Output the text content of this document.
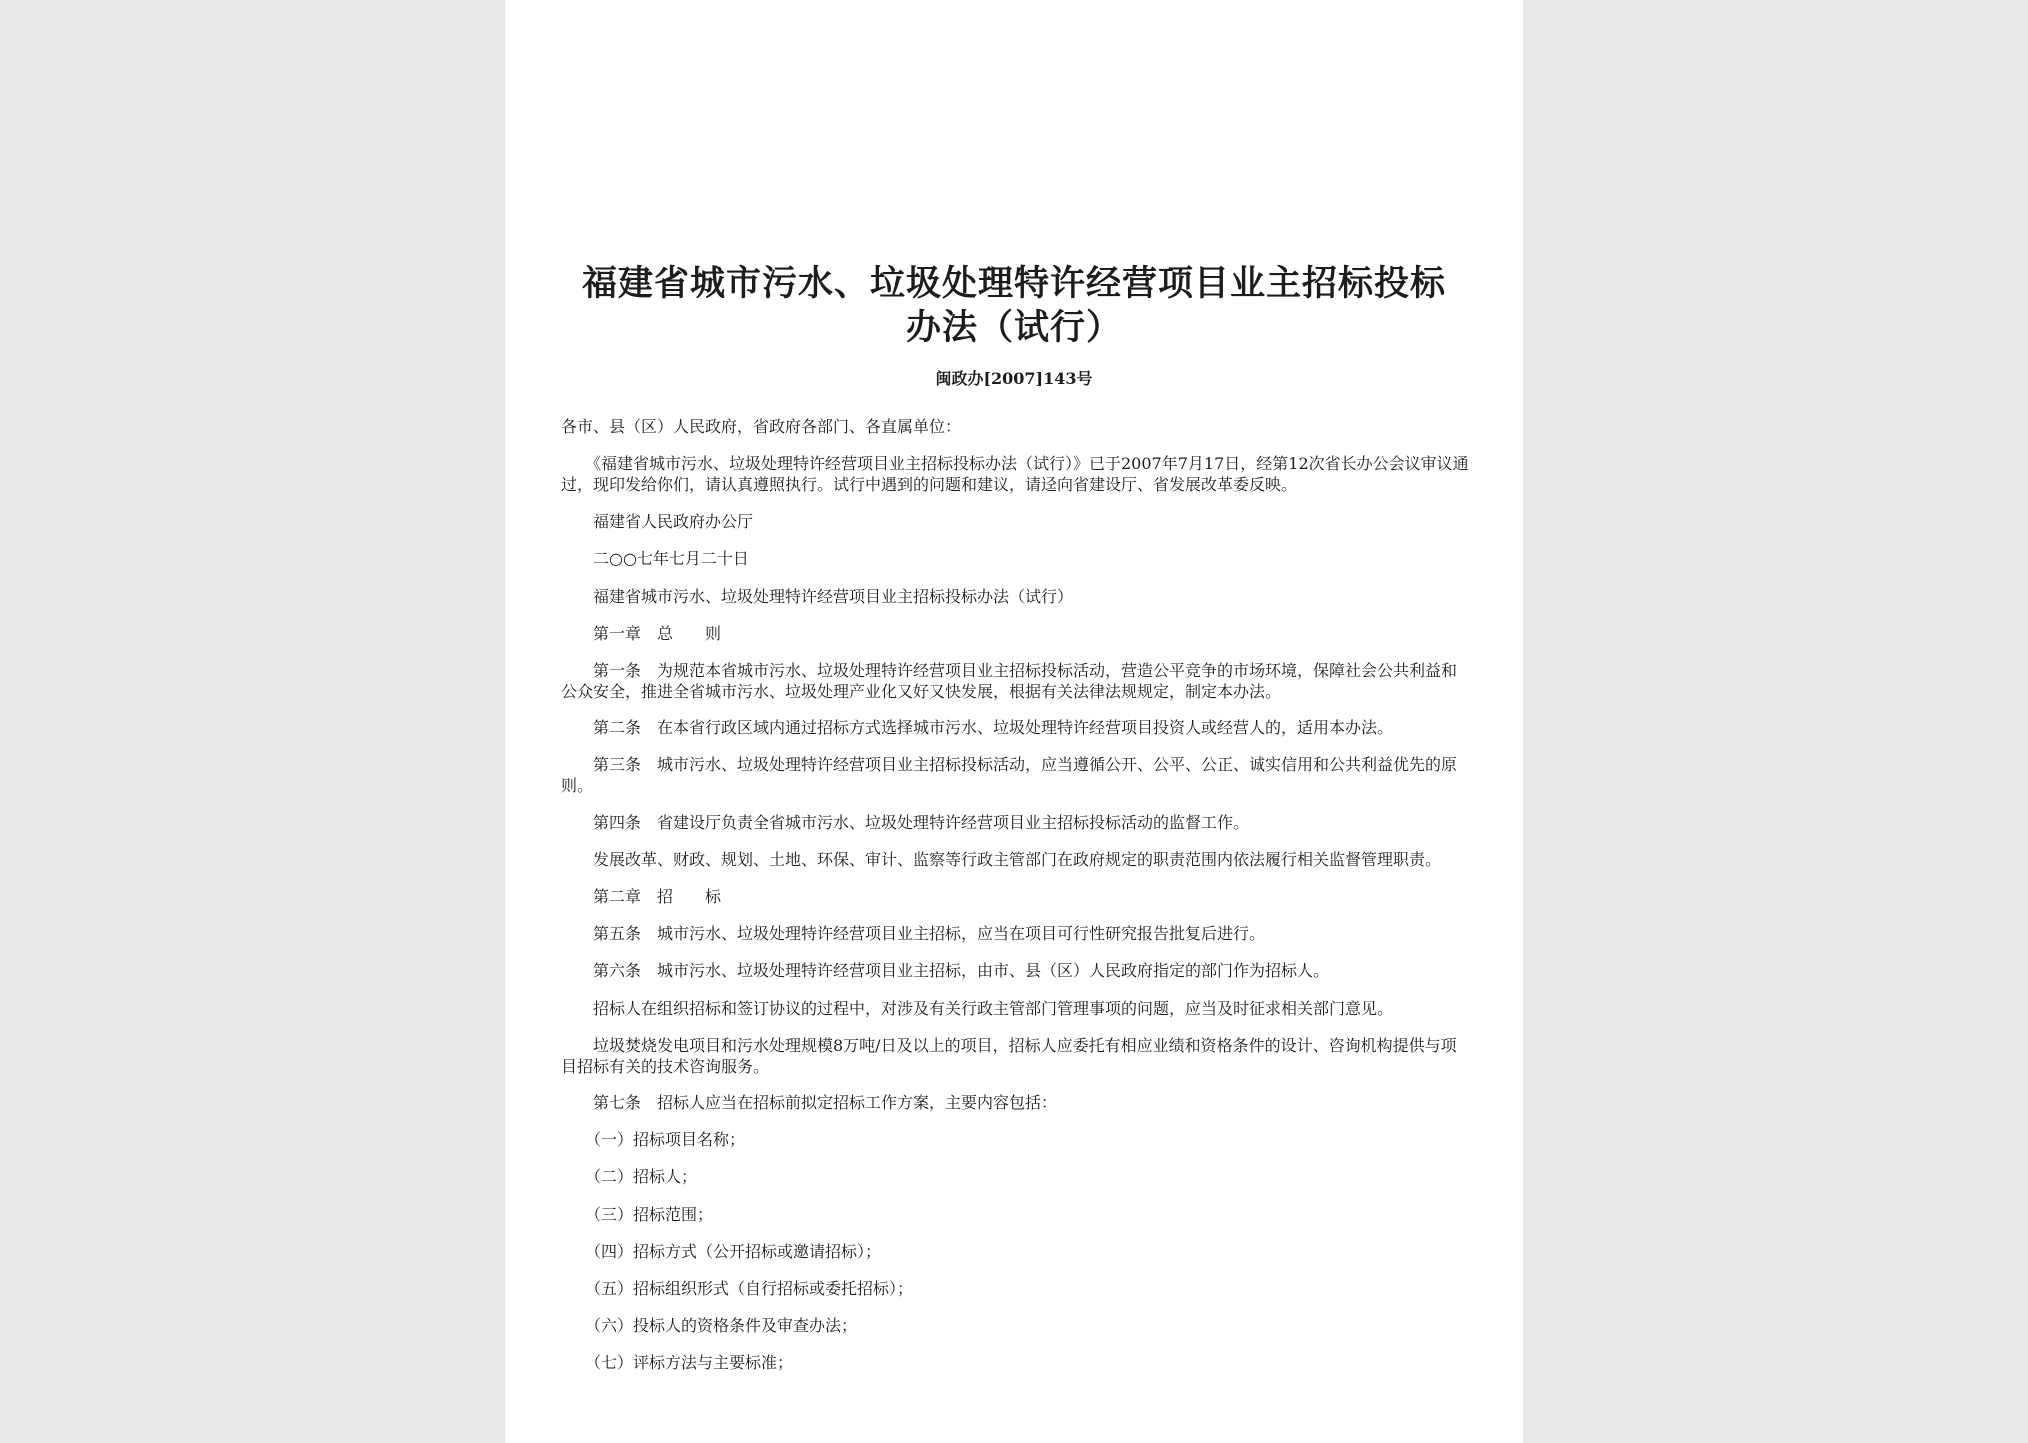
福建省城市污水、垃圾处理特许经营项目业主招标投标
办法（试行）
闽政办[2007]143号
各市、县（区）人民政府，省政府各部门、各直属单位：
　　《福建省城市污水、垃圾处理特许经营项目业主招标投标办法（试行）》已于2007年7月17日，经第12次省长办公会议审议通过，现印发给你们，请认真遵照执行。试行中遇到的问题和建议，请迳向省建设厅、省发展改革委反映。
　　福建省人民政府办公厅
　　二○○七年七月二十日
　　福建省城市污水、垃圾处理特许经营项目业主招标投标办法（试行）
　　第一章　总　　则
　　第一条　为规范本省城市污水、垃圾处理特许经营项目业主招标投标活动，营造公平竞争的市场环境，保障社会公共利益和公众安全，推进全省城市污水、垃圾处理产业化又好又快发展，根据有关法律法规规定，制定本办法。
　　第二条　在本省行政区域内通过招标方式选择城市污水、垃圾处理特许经营项目投资人或经营人的，适用本办法。
　　第三条　城市污水、垃圾处理特许经营项目业主招标投标活动，应当遵循公开、公平、公正、诚实信用和公共利益优先的原则。
　　第四条　省建设厅负责全省城市污水、垃圾处理特许经营项目业主招标投标活动的监督工作。
　　发展改革、财政、规划、土地、环保、审计、监察等行政主管部门在政府规定的职责范围内依法履行相关监督管理职责。
　　第二章　招　　标
　　第五条　城市污水、垃圾处理特许经营项目业主招标，应当在项目可行性研究报告批复后进行。
　　第六条　城市污水、垃圾处理特许经营项目业主招标，由市、县（区）人民政府指定的部门作为招标人。
　　招标人在组织招标和签订协议的过程中，对涉及有关行政主管部门管理事项的问题，应当及时征求相关部门意见。
　　垃圾焚烧发电项目和污水处理规模8万吨/日及以上的项目，招标人应委托有相应业绩和资格条件的设计、咨询机构提供与项目招标有关的技术咨询服务。
　　第七条　招标人应当在招标前拟定招标工作方案，主要内容包括：
　　（一）招标项目名称；
　　（二）招标人；
　　（三）招标范围；
　　（四）招标方式（公开招标或邀请招标）；
　　（五）招标组织形式（自行招标或委托招标）；
　　（六）投标人的资格条件及审查办法；
　　（七）评标方法与主要标准；
